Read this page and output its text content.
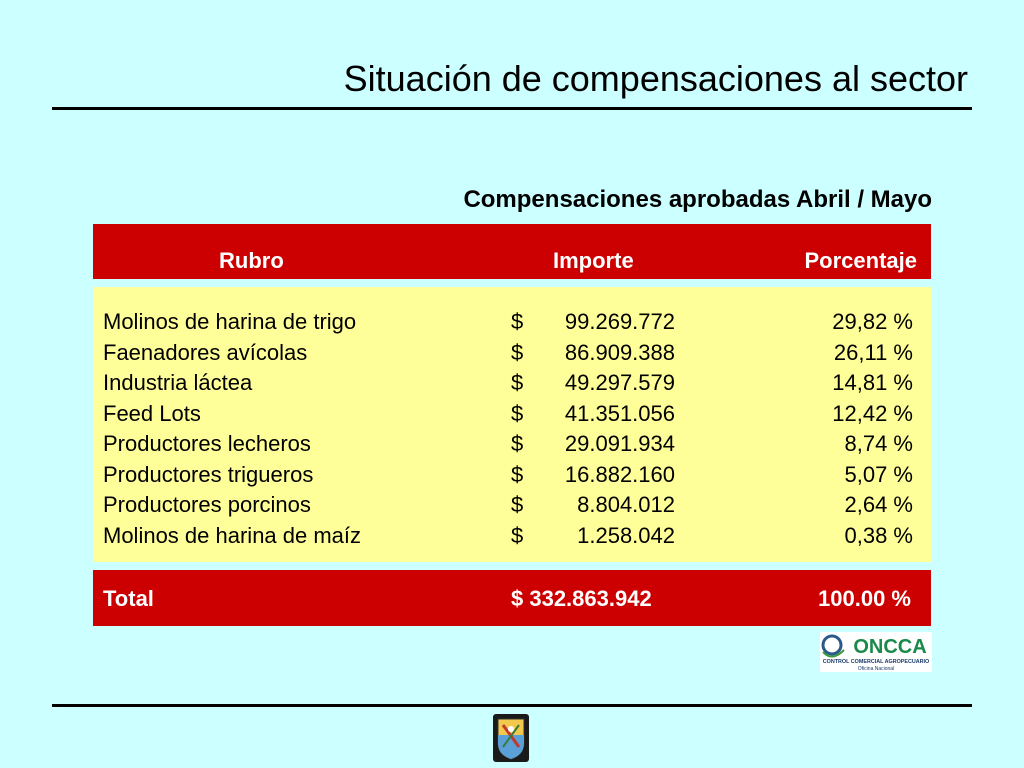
Situación de compensaciones al sector
Compensaciones aprobadas Abril / Mayo
Rubro	Importe	Porcentaje
Molinos de harina de trigo	$ 99.269.772	29,82 %
Faenadores avícolas	$ 86.909.388	26,11 %
Industria láctea	$ 49.297.579	14,81 %
Feed Lots	$ 41.351.056	12,42 %
Productores lecheros	$ 29.091.934	8,74 %
Productores trigueros	$ 16.882.160	5,07 %
Productores porcinos	$ 8.804.012	2,64 %
Molinos de harina de maíz	$ 1.258.042	0,38 %
Total	$ 332.863.942	100.00 %
ONCCA
CONTROL COMERCIAL AGROPECUARIO
Oficina Nacional
